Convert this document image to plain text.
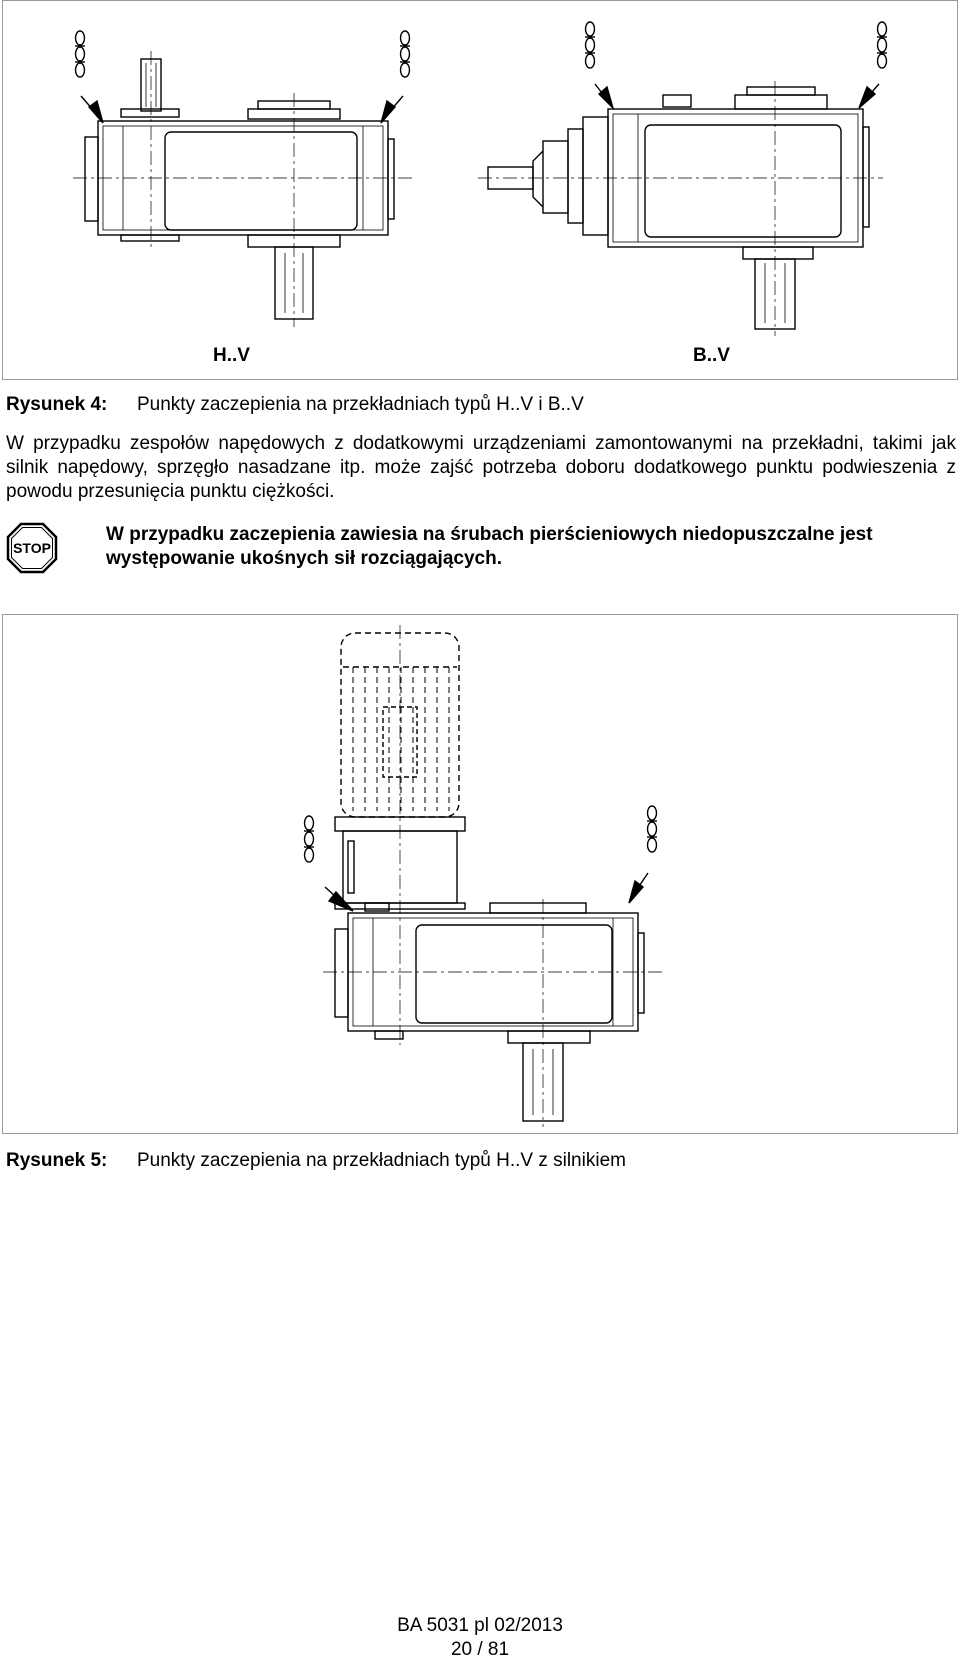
H..V	B..V
Rysunek 4: Punkty zaczepienia na przekładniach typů H..V i B..V
W przypadku zespołów napędowych z dodatkowymi urządzeniami zamontowanymi na przekładni, takimi jak silnik napędowy, sprzęgło nasadzane itp. może zajść potrzeba doboru dodatkowego punktu podwieszenia z powodu przesunięcia punktu ciężkości.
STOP
W przypadku zaczepienia zawiesia na śrubach pierścieniowych niedopuszczalne jest występowanie ukośnych sił rozciągających.
Rysunek 5: Punkty zaczepienia na przekładniach typů H..V z silnikiem
BA 5031 pl 02/2013
20 / 81
